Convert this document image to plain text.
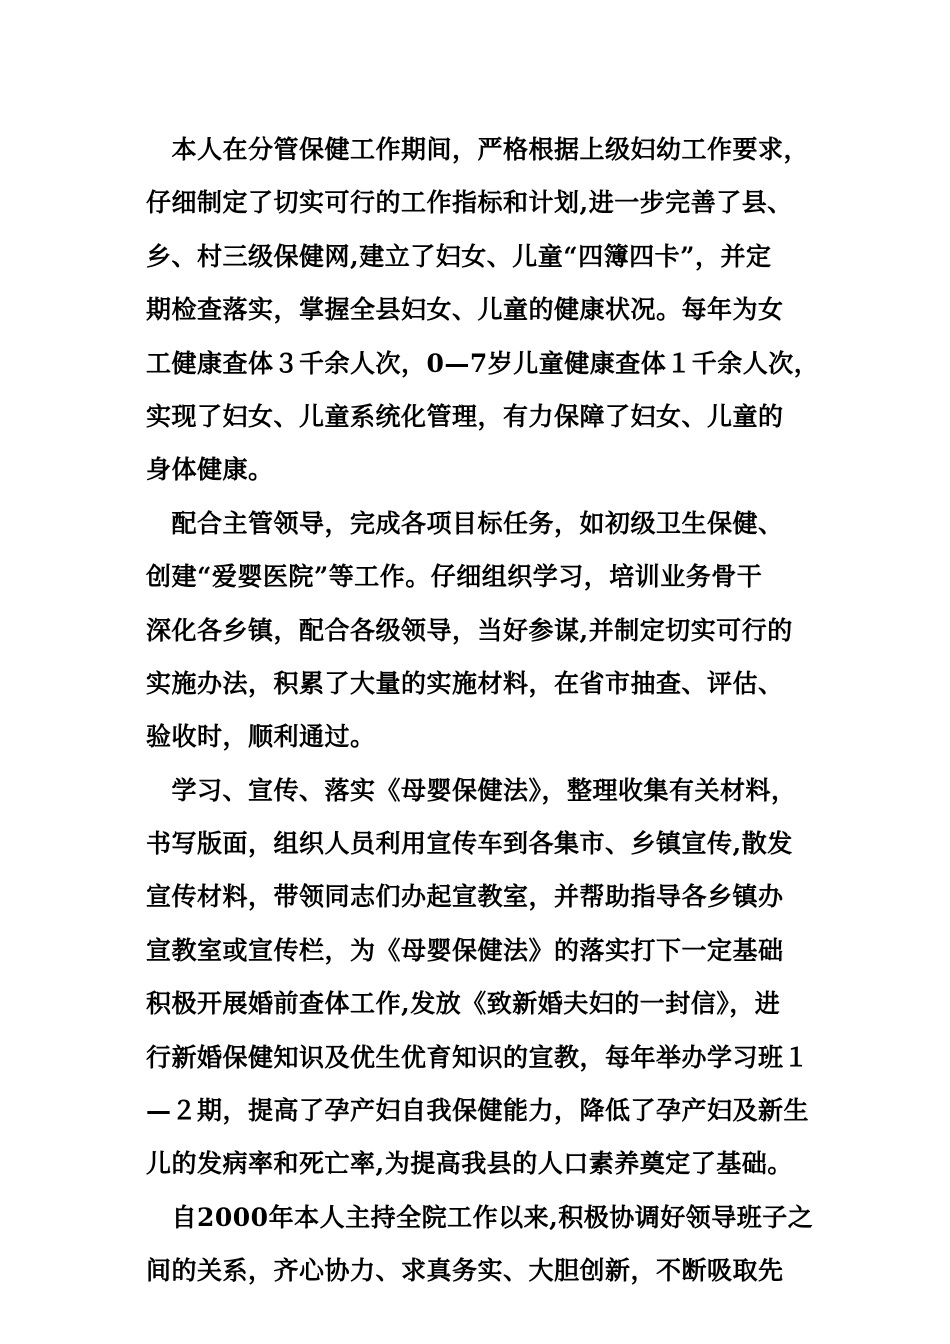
　本人在分管保健工作期间，严格根据上级妇幼工作要求，
仔细制定了切实可行的工作指标和计划,进一步完善了县、
乡、村三级保健网,建立了妇女、儿童“四簿四卡”，并定
期检查落实，掌握全县妇女、儿童的健康状况。每年为女
工健康查体３千余人次，0—7岁儿童健康查体１千余人次，
实现了妇女、儿童系统化管理，有力保障了妇女、儿童的
身体健康。
　配合主管领导，完成各项目标任务，如初级卫生保健、
创建“爱婴医院”等工作。仔细组织学习，培训业务骨干
深化各乡镇，配合各级领导，当好参谋,并制定切实可行的
实施办法，积累了大量的实施材料，在省市抽查、评估、
验收时，顺利通过。
　学习、宣传、落实《母婴保健法》，整理收集有关材料，
书写版面，组织人员利用宣传车到各集市、乡镇宣传,散发
宣传材料，带领同志们办起宣教室，并帮助指导各乡镇办
宣教室或宣传栏，为《母婴保健法》的落实打下一定基础
积极开展婚前查体工作,发放《致新婚夫妇的一封信》，进
行新婚保健知识及优生优育知识的宣教，每年举办学习班１
—２期，提高了孕产妇自我保健能力，降低了孕产妇及新生
儿的发病率和死亡率,为提高我县的人口素养奠定了基础。
　自2000年本人主持全院工作以来,积极协调好领导班子之
间的关系，齐心协力、求真务实、大胆创新，不断吸取先
